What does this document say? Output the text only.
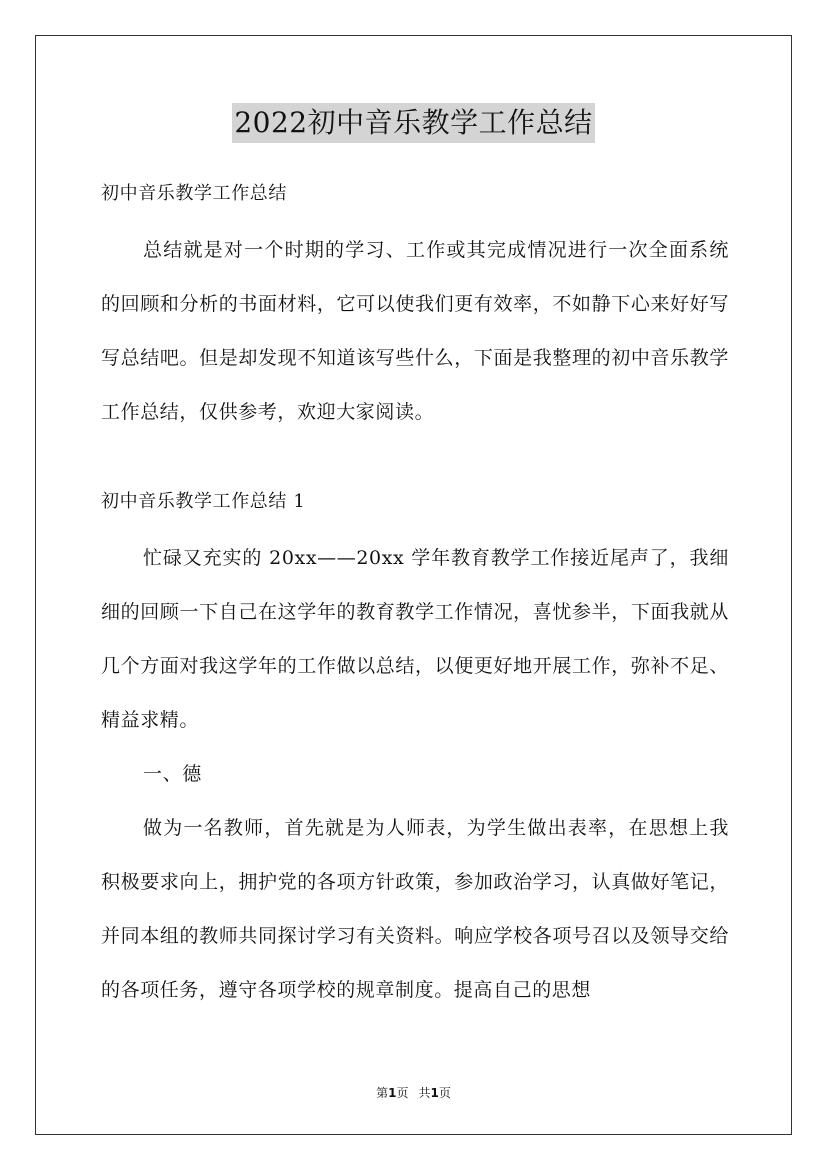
2022初中音乐教学工作总结

初中音乐教学工作总结

总结就是对一个时期的学习、工作或其完成情况进行一次全面系统的回顾和分析的书面材料，它可以使我们更有效率，不如静下心来好好写写总结吧。但是却发现不知道该写些什么，下面是我整理的初中音乐教学工作总结，仅供参考，欢迎大家阅读。

初中音乐教学工作总结 1

忙碌又充实的 20xx——20xx 学年教育教学工作接近尾声了，我细细的回顾一下自己在这学年的教育教学工作情况，喜忧参半，下面我就从几个方面对我这学年的工作做以总结，以便更好地开展工作，弥补不足、精益求精。

一、德

做为一名教师，首先就是为人师表，为学生做出表率，在思想上我积极要求向上，拥护党的各项方针政策，参加政治学习，认真做好笔记，并同本组的教师共同探讨学习有关资料。响应学校各项号召以及领导交给的各项任务，遵守各项学校的规章制度。提高自己的思想

第1页 共1页
